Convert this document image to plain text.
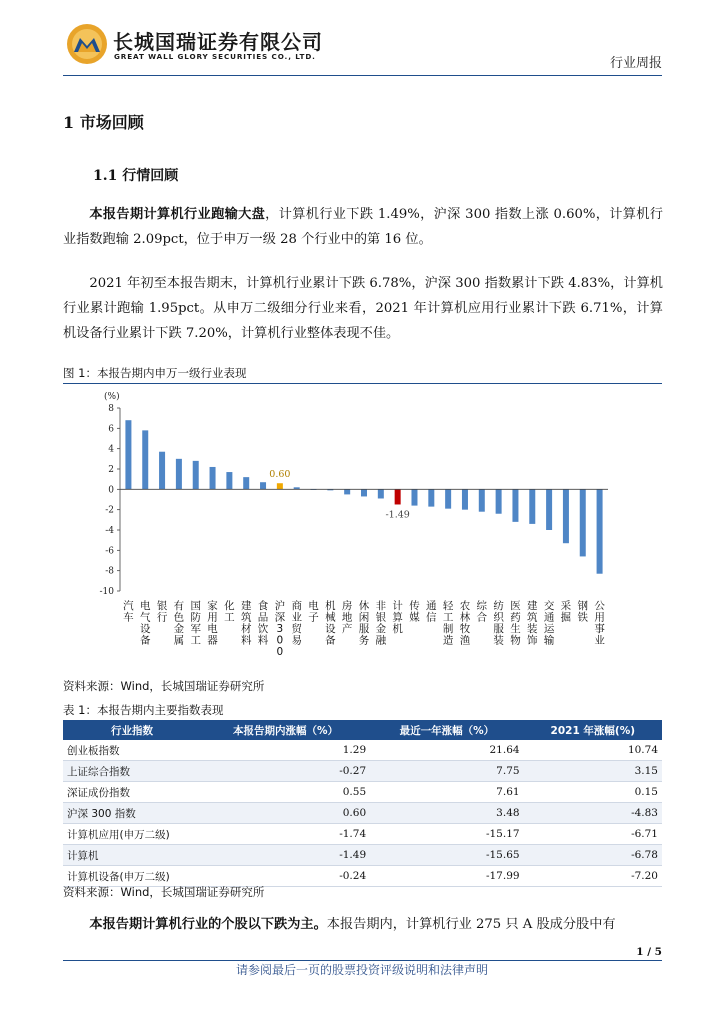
长城国瑞证券有限公司
GREAT WALL GLORY SECURITIES CO., LTD.	行业周报
1 市场回顾
1.1 行情回顾

本报告期计算机行业跑输大盘，计算机行业下跌 1.49%，沪深 300 指数上涨 0.60%，计算机行业指数跑输 2.09pct，位于申万一级 28 个行业中的第 16 位。

2021 年初至本报告期末，计算机行业累计下跌 6.78%，沪深 300 指数累计下跌 4.83%，计算机行业累计跑输 1.95pct。从申万二级细分行业来看，2021 年计算机应用行业累计下跌 6.71%，计算机设备行业累计下跌 7.20%，计算机行业整体表现不佳。

图 1：本报告期内申万一级行业表现
(%)
8
6
4
2
0
-2
-4
-6
-8
-10
汽车
电气设备
银行
有色金属
国防军工
家用电器
化工
建筑材料
食品饮料
沪深 3 0 0
商业贸易
电子
机械设备
房地产
休闲服务
非银金融
计算机
传媒
通信
轻工制造
农林牧渔
综合
纺织服装
医药生物
建筑装饰
交通运输
采掘
钢铁
公用事业
0.60
-1.49
资料来源：Wind，长城国瑞证券研究所
表 1：本报告期内主要指数表现
行业指数	本报告期内涨幅（%）	最近一年涨幅（%）	2021 年涨幅(%)
创业板指数	1.29	21.64	10.74
上证综合指数	-0.27	7.75	3.15
深证成份指数	0.55	7.61	0.15
沪深 300 指数	0.60	3.48	-4.83
计算机应用(申万二级)	-1.74	-15.17	-6.71
计算机	-1.49	-15.65	-6.78
计算机设备(申万二级)	-0.24	-17.99	-7.20
资料来源：Wind，长城国瑞证券研究所

本报告期计算机行业的个股以下跌为主。本报告期内，计算机行业 275 只 A 股成分股中有

1 / 5
请参阅最后一页的股票投资评级说明和法律声明
